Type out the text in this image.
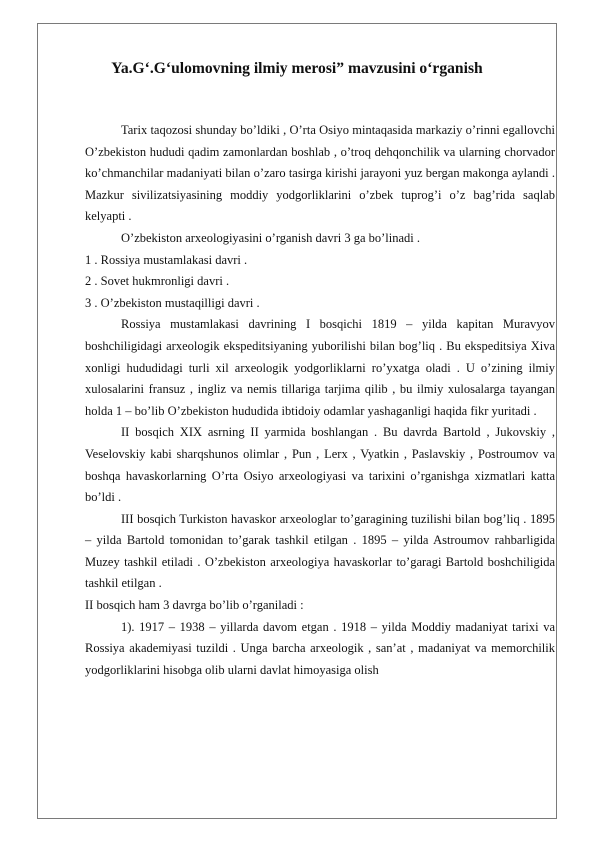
Ya.G‘.G‘ulomovning ilmiy merosi” mavzusini o‘rganish

Tarix taqozosi shunday bo’ldiki , O’rta Osiyo mintaqasida markaziy o’rinni egallovchi O’zbekiston hududi qadim zamonlardan boshlab , o’troq dehqonchilik va ularning chorvador ko’chmanchilar madaniyati bilan o’zaro tasirga kirishi jarayoni yuz bergan makonga aylandi . Mazkur sivilizatsiyasining moddiy yodgorliklarini o’zbek tuprog’i o’z bag’rida saqlab kelyapti .

O’zbekiston arxeologiyasini o’rganish davri 3 ga bo’linadi .

1 . Rossiya mustamlakasi davri .

2 . Sovet hukmronligi davri .

3 . O’zbekiston mustaqilligi davri .

Rossiya mustamlakasi davrining I bosqichi 1819 – yilda kapitan Muravyov boshchiligidagi arxeologik ekspeditsiyaning yuborilishi bilan bog’liq . Bu ekspeditsiya Xiva xonligi hududidagi turli xil arxeologik yodgorliklarni ro’yxatga oladi . U o’zining ilmiy xulosalarini fransuz , ingliz va nemis tillariga tarjima qilib , bu ilmiy xulosalarga tayangan holda 1 – bo’lib O’zbekiston hududida ibtidoiy odamlar yashaganligi haqida fikr yuritadi .

II bosqich XIX asrning II yarmida boshlangan . Bu davrda Bartold , Jukovskiy , Veselovskiy kabi sharqshunos olimlar , Pun , Lerx , Vyatkin , Paslavskiy , Postroumov va boshqa havaskorlarning O’rta Osiyo arxeologiyasi va tarixini o’rganishga xizmatlari katta bo’ldi .

III bosqich Turkiston havaskor arxeologlar to’garagining tuzilishi bilan bog’liq . 1895 – yilda Bartold tomonidan to’garak tashkil etilgan . 1895 – yilda Astroumov rahbarligida Muzey tashkil etiladi . O’zbekiston arxeologiya havaskorlar to’garagi Bartold boshchiligida tashkil etilgan .

II bosqich ham 3 davrga bo’lib o’rganiladi :

1). 1917 – 1938 – yillarda davom etgan . 1918 – yilda Moddiy madaniyat tarixi va Rossiya akademiyasi tuzildi . Unga barcha arxeologik , san’at , madaniyat va memorchilik yodgorliklarini hisobga olib ularni davlat himoyasiga olish
